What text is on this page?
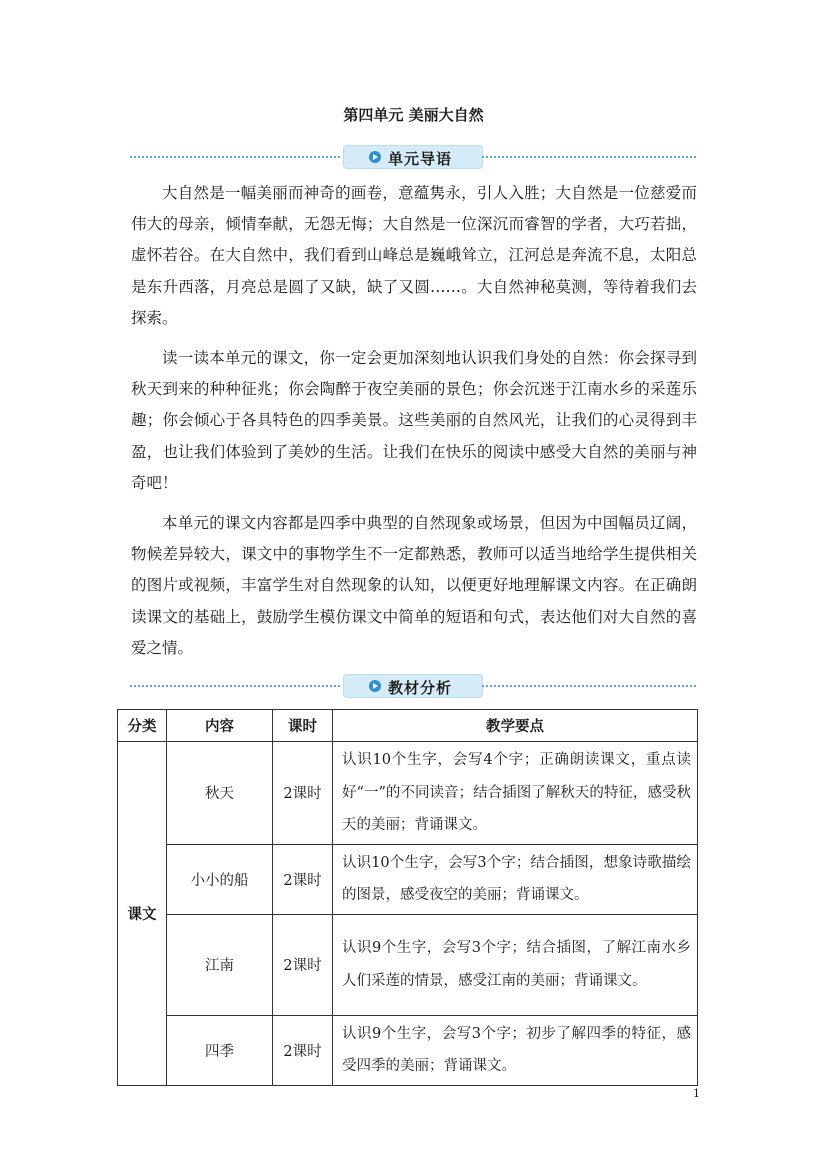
第四单元 美丽大自然
单元导语

大自然是一幅美丽而神奇的画卷，意蕴隽永，引人入胜；大自然是一位慈爱而伟大的母亲，倾情奉献，无怨无悔；大自然是一位深沉而睿智的学者，大巧若拙，虚怀若谷。在大自然中，我们看到山峰总是巍峨耸立，江河总是奔流不息，太阳总是东升西落，月亮总是圆了又缺，缺了又圆……。大自然神秘莫测，等待着我们去探索。

读一读本单元的课文，你一定会更加深刻地认识我们身处的自然：你会探寻到秋天到来的种种征兆；你会陶醉于夜空美丽的景色；你会沉迷于江南水乡的采莲乐趣；你会倾心于各具特色的四季美景。这些美丽的自然风光，让我们的心灵得到丰盈，也让我们体验到了美妙的生活。让我们在快乐的阅读中感受大自然的美丽与神奇吧！

本单元的课文内容都是四季中典型的自然现象或场景，但因为中国幅员辽阔，物候差异较大，课文中的事物学生不一定都熟悉，教师可以适当地给学生提供相关的图片或视频，丰富学生对自然现象的认知，以便更好地理解课文内容。在正确朗读课文的基础上，鼓励学生模仿课文中简单的短语和句式，表达他们对大自然的喜爱之情。

教材分析
分类	内容	课时	教学要点
课文	秋天	2课时	认识10个生字，会写4个字；正确朗读课文，重点读好“一”的不同读音；结合插图了解秋天的特征，感受秋天的美丽；背诵课文。
	小小的船	2课时	认识10个生字，会写3个字；结合插图，想象诗歌描绘的图景，感受夜空的美丽；背诵课文。
	江南	2课时	认识9个生字，会写3个字；结合插图，了解江南水乡人们采莲的情景，感受江南的美丽；背诵课文。
	四季	2课时	认识9个生字，会写3个字；初步了解四季的特征，感受四季的美丽；背诵课文。
1
